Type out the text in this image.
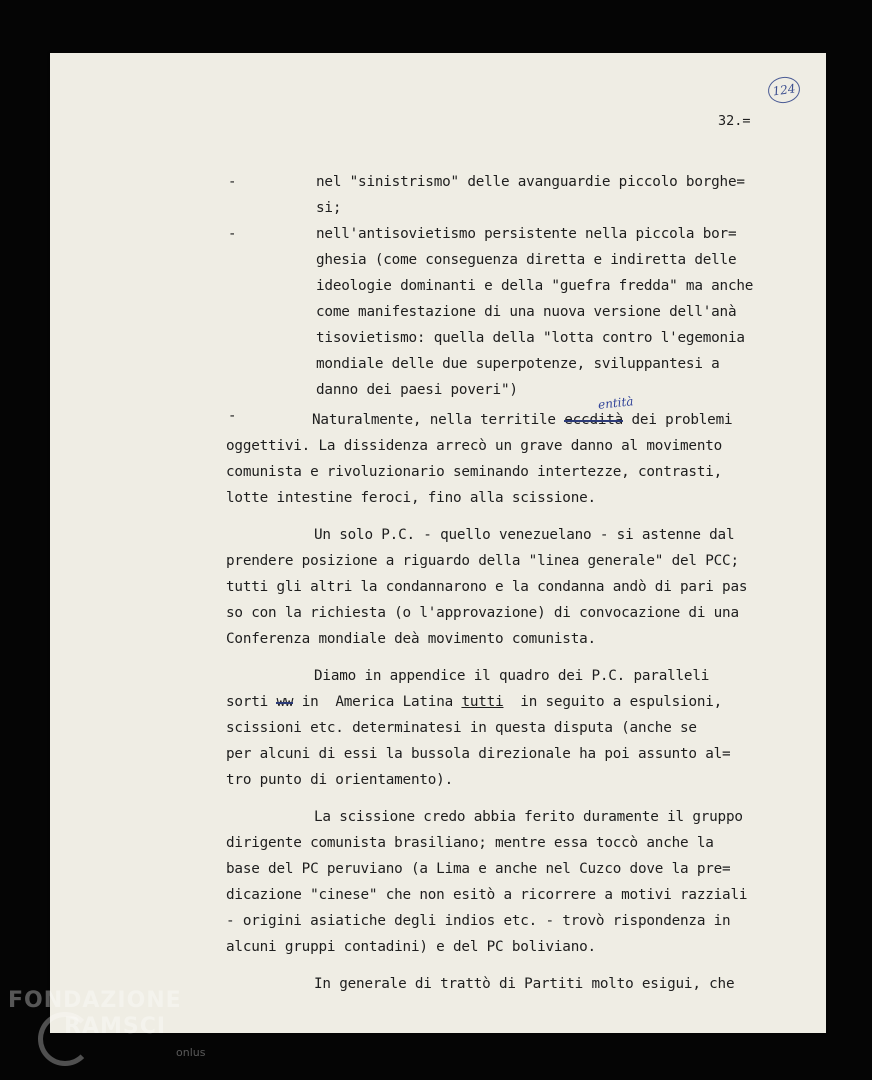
124
32.=
-
-
-
nel "sinistrismo" delle avanguardie piccolo borghe=
si;
nell'antisovietismo persistente nella piccola bor=
ghesia (come conseguenza diretta e indiretta delle
ideologie dominanti e della "guefra fredda" ma anche
come manifestazione di una nuova versione dell'anà
tisovietismo: quella della "lotta contro l'egemonia
mondiale delle due superpotenze, sviluppantesi a
danno dei paesi poveri")
entità
Naturalmente, nella territile eccdità dei problemi
oggettivi. La dissidenza arrecò un grave danno al movimento
comunista e rivoluzionario seminando intertezze, contrasti,
lotte intestine feroci, fino alla scissione.
Un solo P.C. - quello venezuelano - si astenne dal
prendere posizione a riguardo della "linea generale" del PCC;
tutti gli altri la condannarono e la condanna andò di pari pas
so con la richiesta (o l'approvazione) di convocazione di una
Conferenza mondiale deà movimento comunista.
Diamo in appendice il quadro dei P.C. paralleli
sorti ww in  America Latina tutti  in seguito a espulsioni,
scissioni etc. determinatesi in questa disputa (anche se
per alcuni di essi la bussola direzionale ha poi assunto al=
tro punto di orientamento).
La scissione credo abbia ferito duramente il gruppo
dirigente comunista brasiliano; mentre essa toccò anche la
base del PC peruviano (a Lima e anche nel Cuzco dove la pre=
dicazione "cinese" che non esitò a ricorrere a motivi razziali
- origini asiatiche degli indios etc. - trovò rispondenza in
alcuni gruppi contadini) e del PC boliviano.
In generale di trattò di Partiti molto esigui, che
FONDAZIONE
RAMSCI
onlus
